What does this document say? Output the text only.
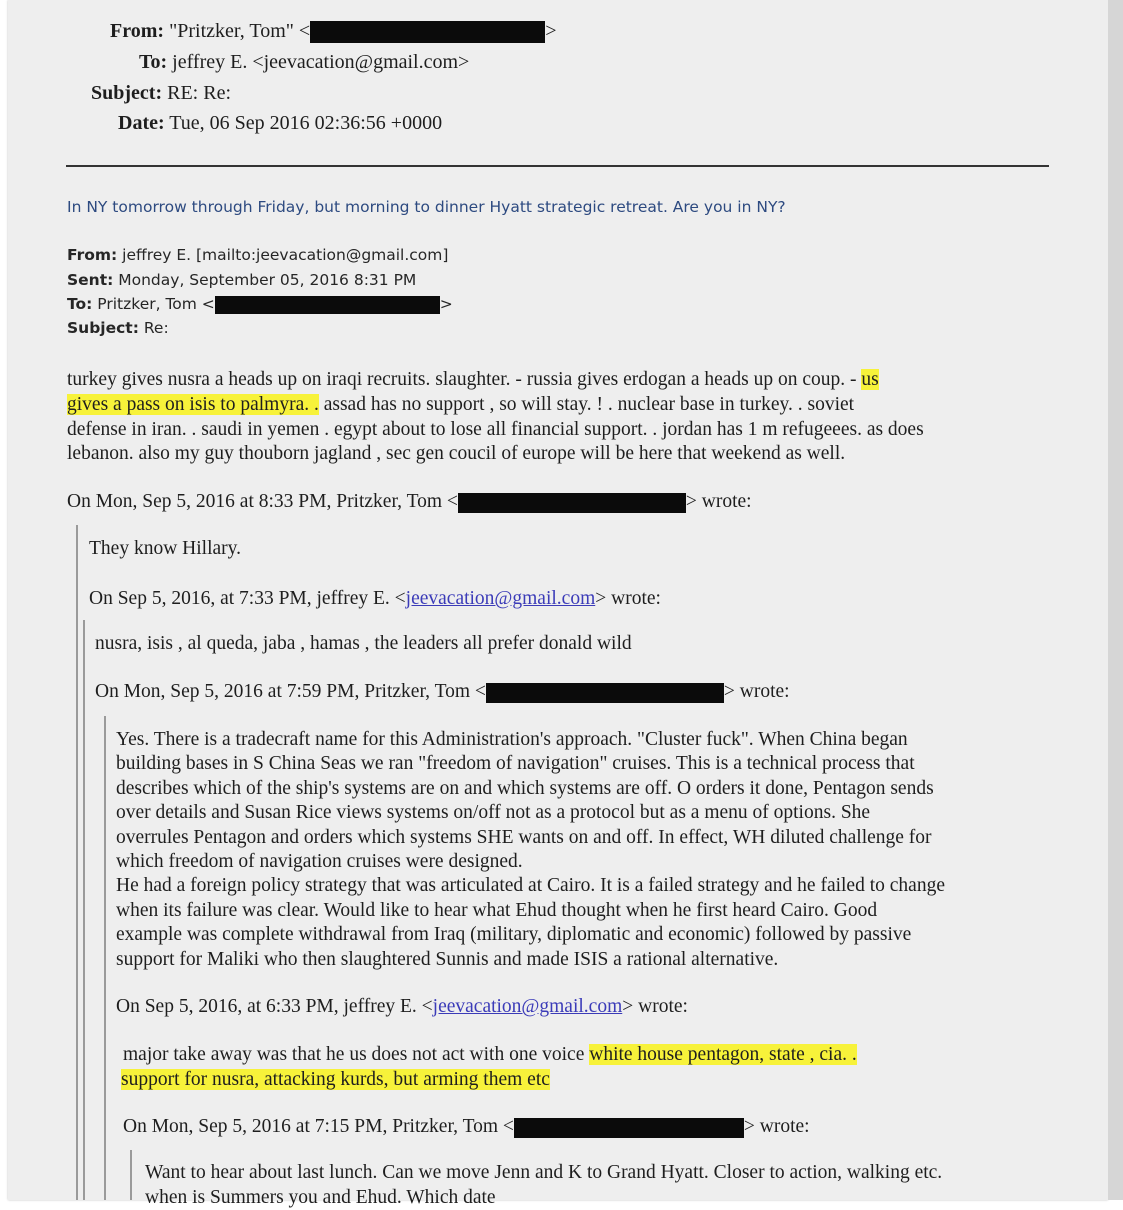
From: "Pritzker, Tom" <	>
To: jeffrey E. <jeevacation@gmail.com>
Subject: RE: Re:
Date: Tue, 06 Sep 2016 02:36:56 +0000
In NY tomorrow through Friday, but morning to dinner Hyatt strategic retreat. Are you in NY?
From: jeffrey E. [mailto:jeevacation@gmail.com]
Sent: Monday, September 05, 2016 8:31 PM
To: Pritzker, Tom <	>
Subject: Re:
turkey gives nusra a heads up on iraqi recruits. slaughter. - russia gives erdogan a heads up on coup. - us
gives a pass on isis to palmyra. . assad has no support , so will stay. ! . nuclear base in turkey. . soviet
defense in iran. . saudi in yemen . egypt about to lose all financial support. . jordan has 1 m refugeees. as does
lebanon. also my guy thouborn jagland , sec gen coucil of europe will be here that weekend as well.
On Mon, Sep 5, 2016 at 8:33 PM, Pritzker, Tom <	> wrote:
They know Hillary.
On Sep 5, 2016, at 7:33 PM, jeffrey E. <jeevacation@gmail.com> wrote:
nusra, isis , al queda, jaba , hamas , the leaders all prefer donald wild
On Mon, Sep 5, 2016 at 7:59 PM, Pritzker, Tom <	> wrote:
Yes. There is a tradecraft name for this Administration's approach. "Cluster fuck". When China began
building bases in S China Seas we ran "freedom of navigation" cruises. This is a technical process that
describes which of the ship's systems are on and which systems are off. O orders it done, Pentagon sends
over details and Susan Rice views systems on/off not as a protocol but as a menu of options. She
overrules Pentagon and orders which systems SHE wants on and off. In effect, WH diluted challenge for
which freedom of navigation cruises were designed.
He had a foreign policy strategy that was articulated at Cairo. It is a failed strategy and he failed to change
when its failure was clear. Would like to hear what Ehud thought when he first heard Cairo. Good
example was complete withdrawal from Iraq (military, diplomatic and economic) followed by passive
support for Maliki who then slaughtered Sunnis and made ISIS a rational alternative.
On Sep 5, 2016, at 6:33 PM, jeffrey E. <jeevacation@gmail.com> wrote:
major take away was that he us does not act with one voice white house pentagon, state , cia. .
support for nusra, attacking kurds, but arming them etc
On Mon, Sep 5, 2016 at 7:15 PM, Pritzker, Tom <	> wrote:
Want to hear about last lunch. Can we move Jenn and K to Grand Hyatt. Closer to action, walking etc.
when is Summers you and Ehud. Which date
